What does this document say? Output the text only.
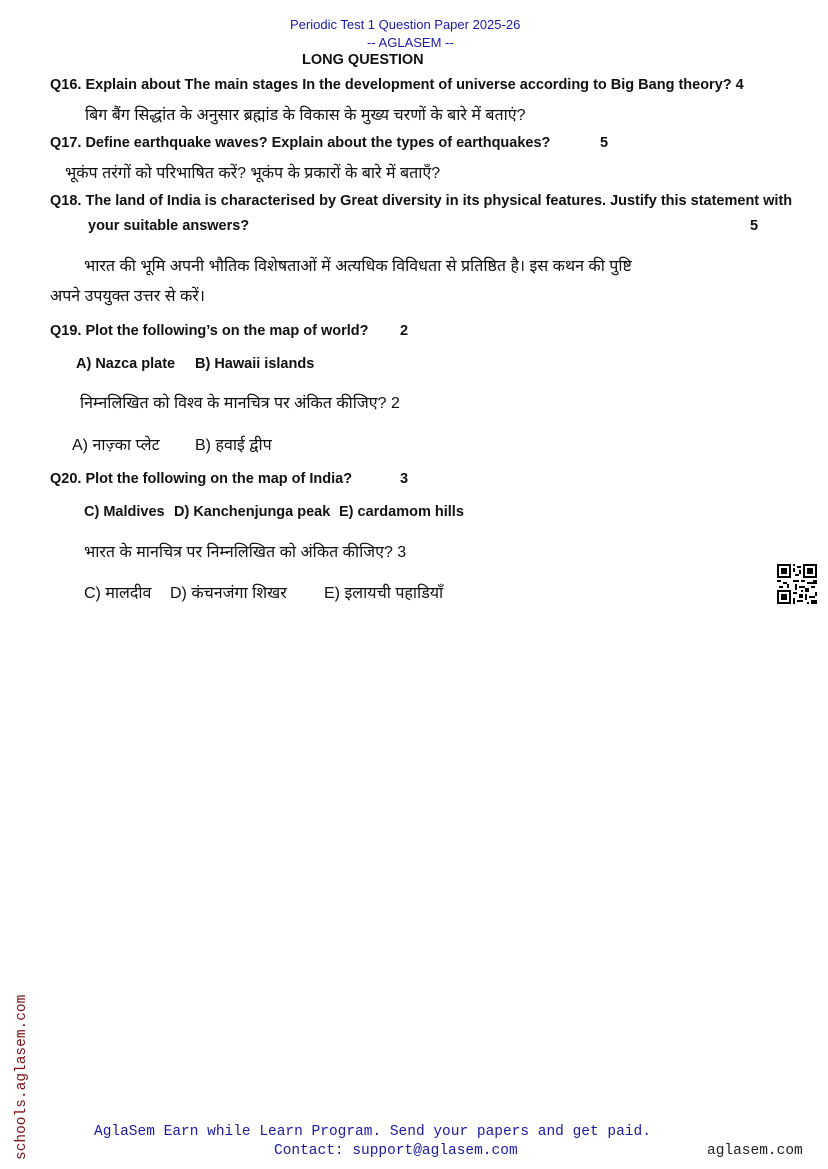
Periodic Test 1 Question Paper 2025-26
-- AGLASEM --
LONG QUESTION
Q16. Explain about The main stages In the development of universe according to Big Bang theory? 4
बिग बैंग सिद्धांत के अनुसार ब्रह्मांड के विकास के मुख्य चरणों के बारे में बताएं?
Q17. Define earthquake waves? Explain about the types of earthquakes?	5
भूकंप तरंगों को परिभाषित करें? भूकंप के प्रकारों के बारे में बताएँ?
Q18. The land of India is characterised by Great diversity in its physical features. Justify this statement with
your suitable answers?	5
भारत की भूमि अपनी भौतिक विशेषताओं में अत्यधिक विविधता से प्रतिष्ठित है। इस कथन की पुष्टि
अपने उपयुक्त उत्तर से करें।
Q19. Plot the following’s on the map of world? 2
A) Nazca plate B) Hawaii islands
निम्नलिखित को विश्व के मानचित्र पर अंकित कीजिए? 2
A) नाज़्का प्लेट B) हवाई द्वीप
Q20. Plot the following on the map of India?	3
C) Maldives D) Kanchenjunga peak E) cardamom hills
भारत के मानचित्र पर निम्नलिखित को अंकित कीजिए? 3
C) मालदीव D) कंचनजंगा शिखर E) इलायची पहाडियाँ
schools.aglasem.com	AglaSem Earn while Learn Program. Send your papers and get paid.
Contact: support@aglasem.com	aglasem.com
